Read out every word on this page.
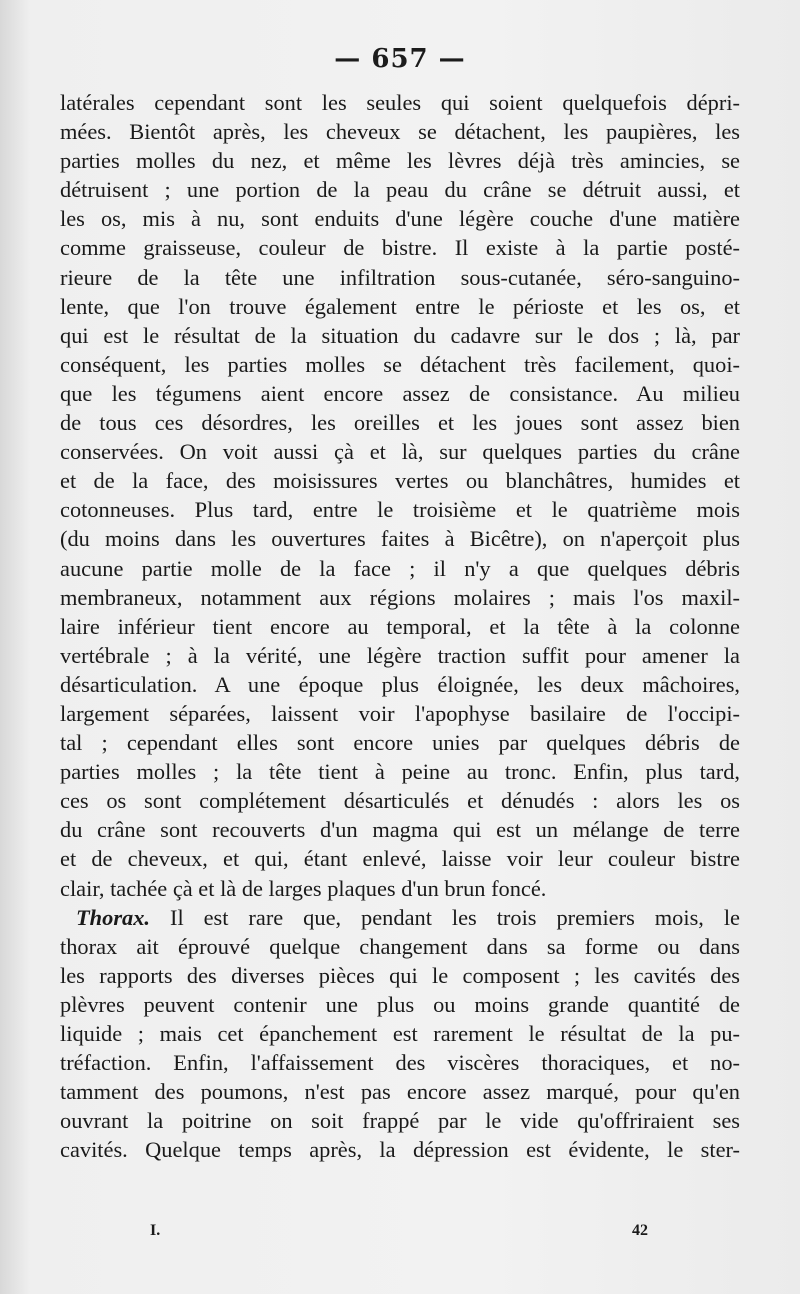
— 657 —
latérales cependant sont les seules qui soient quelquefois dépri-
mées. Bientôt après, les cheveux se détachent, les paupières, les
parties molles du nez, et même les lèvres déjà très amincies, se
détruisent ; une portion de la peau du crâne se détruit aussi, et
les os, mis à nu, sont enduits d'une légère couche d'une matière
comme graisseuse, couleur de bistre. Il existe à la partie posté-
rieure de la tête une infiltration sous-cutanée, séro-sanguino-
lente, que l'on trouve également entre le périoste et les os, et
qui est le résultat de la situation du cadavre sur le dos ; là, par
conséquent, les parties molles se détachent très facilement, quoi-
que les tégumens aient encore assez de consistance. Au milieu
de tous ces désordres, les oreilles et les joues sont assez bien
conservées. On voit aussi çà et là, sur quelques parties du crâne
et de la face, des moisissures vertes ou blanchâtres, humides et
cotonneuses. Plus tard, entre le troisième et le quatrième mois
(du moins dans les ouvertures faites à Bicêtre), on n'aperçoit plus
aucune partie molle de la face ; il n'y a que quelques débris
membraneux, notamment aux régions molaires ; mais l'os maxil-
laire inférieur tient encore au temporal, et la tête à la colonne
vertébrale ; à la vérité, une légère traction suffit pour amener la
désarticulation. A une époque plus éloignée, les deux mâchoires,
largement séparées, laissent voir l'apophyse basilaire de l'occipi-
tal ; cependant elles sont encore unies par quelques débris de
parties molles ; la tête tient à peine au tronc. Enfin, plus tard,
ces os sont complétement désarticulés et dénudés : alors les os
du crâne sont recouverts d'un magma qui est un mélange de terre
et de cheveux, et qui, étant enlevé, laisse voir leur couleur bistre
clair, tachée çà et là de larges plaques d'un brun foncé.
Thorax. Il est rare que, pendant les trois premiers mois, le
thorax ait éprouvé quelque changement dans sa forme ou dans
les rapports des diverses pièces qui le composent ; les cavités des
plèvres peuvent contenir une plus ou moins grande quantité de
liquide ; mais cet épanchement est rarement le résultat de la pu-
tréfaction. Enfin, l'affaissement des viscères thoraciques, et no-
tamment des poumons, n'est pas encore assez marqué, pour qu'en
ouvrant la poitrine on soit frappé par le vide qu'offriraient ses
cavités. Quelque temps après, la dépression est évidente, le ster-
I.	42
